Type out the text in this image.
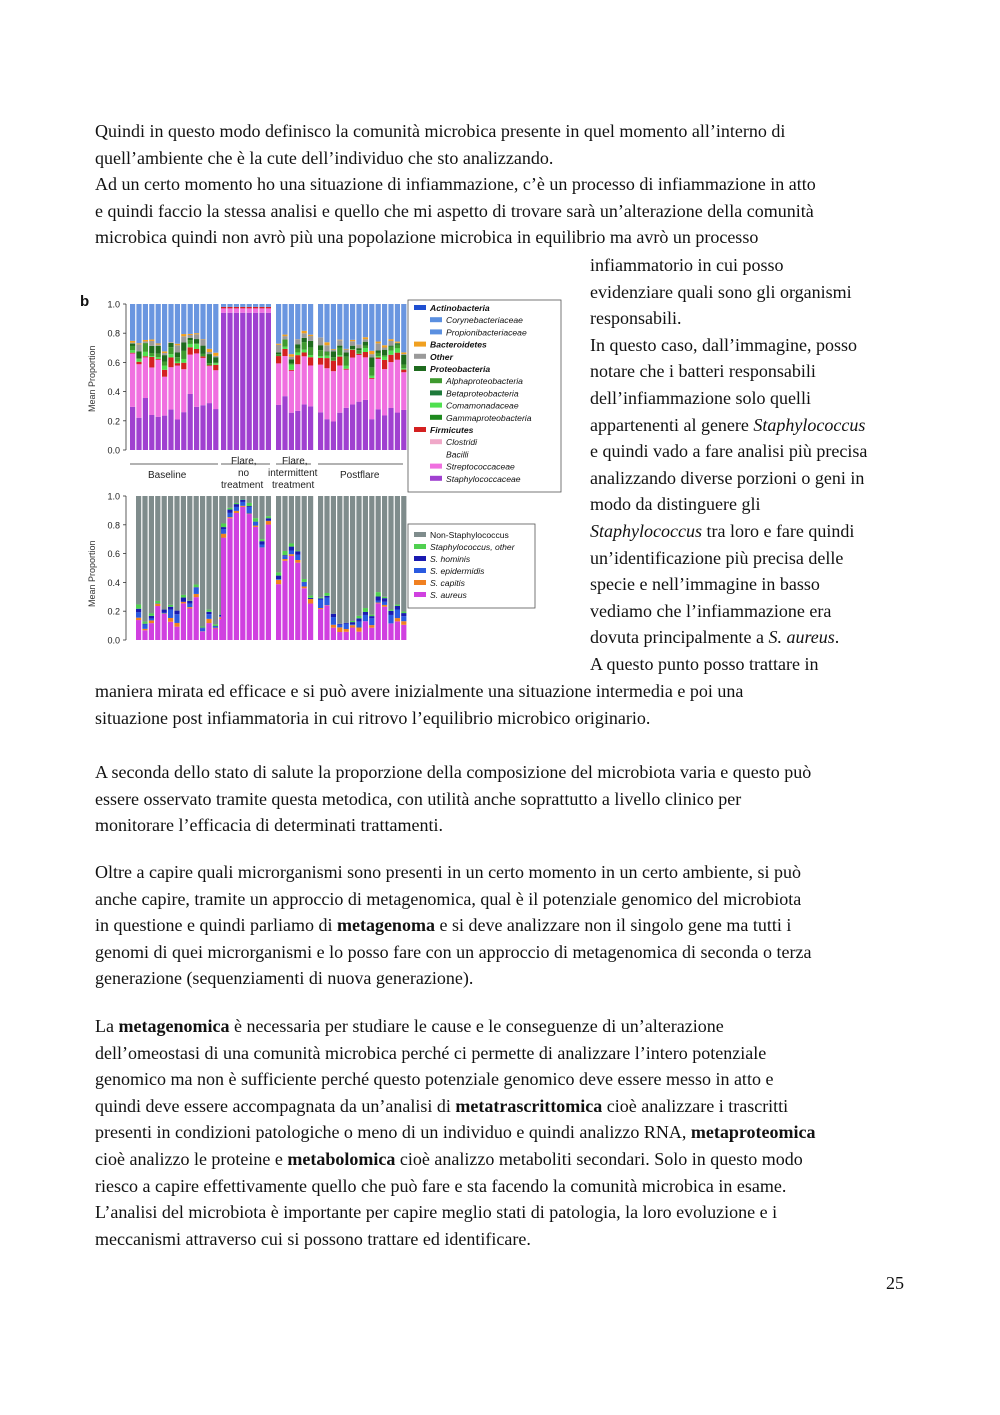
Quindi in questo modo definisco la comunità microbica presente in quel momento all’interno di
quell’ambiente che è la cute dell’individuo che sto analizzando.
Ad un certo momento ho una situazione di infiammazione, c’è un processo di infiammazione in atto
e quindi faccio la stessa analisi e quello che mi aspetto di trovare sarà un’alterazione della comunità
microbica quindi non avrò più una popolazione microbica in equilibrio ma avrò un processo

b
0.0
0.2
0.4
0.6
0.8
1.0
0.0
0.2
0.4
0.6
0.8
1.0
Mean Proportion
Mean Proportion
Baseline
Flare,
no
treatment
Flare,
intermittent
treatment
Postflare
Actinobacteria
Corynebacteriaceae
Propionibacteriaceae
Bacteroidetes
Other
Proteobacteria
Alphaproteobacteria
Betaproteobacteria
Comamonadaceae
Gammaproteobacteria
Firmicutes
Clostridi
Bacilli
Streptococcaceae
Staphylococcaceae
Non-Staphylococcus
Staphylococcus, other
S. hominis
S. epidermidis
S. capitis
S. aureus
infiammatorio in cui posso
evidenziare quali sono gli organismi
responsabili.
In questo caso, dall’immagine, posso
notare che i batteri responsabili
dell’infiammazione solo quelli
appartenenti al genere Staphylococcus
e quindi vado a fare analisi più precisa
analizzando diverse porzioni o geni in
modo da distinguere gli
Staphylococcus tra loro e fare quindi
un’identificazione più precisa delle
specie e nell’immagine in basso
vediamo che l’infiammazione era
dovuta principalmente a S. aureus.
A questo punto posso trattare in

maniera mirata ed efficace e si può avere inizialmente una situazione intermedia e poi una
situazione post infiammatoria in cui ritrovo l’equilibrio microbico originario.

A seconda dello stato di salute la proporzione della composizione del microbiota varia e questo può
essere osservato tramite questa metodica, con utilità anche soprattutto a livello clinico per
monitorare l’efficacia di determinati trattamenti.

Oltre a capire quali microrganismi sono presenti in un certo momento in un certo ambiente, si può
anche capire, tramite un approccio di metagenomica, qual è il potenziale genomico del microbiota
in questione e quindi parliamo di metagenoma e si deve analizzare non il singolo gene ma tutti i
genomi di quei microrganismi e lo posso fare con un approccio di metagenomica di seconda o terza
generazione (sequenziamenti di nuova generazione).

La metagenomica è necessaria per studiare le cause e le conseguenze di un’alterazione
dell’omeostasi di una comunità microbica perché ci permette di analizzare l’intero potenziale
genomico ma non è sufficiente perché questo potenziale genomico deve essere messo in atto e
quindi deve essere accompagnata da un’analisi di metatrascrittomica cioè analizzare i trascritti
presenti in condizioni patologiche o meno di un individuo e quindi analizzo RNA, metaproteomica
cioè analizzo le proteine e metabolomica cioè analizzo metaboliti secondari. Solo in questo modo
riesco a capire effettivamente quello che può fare e sta facendo la comunità microbica in esame.
L’analisi del microbiota è importante per capire meglio stati di patologia, la loro evoluzione e i
meccanismi attraverso cui si possono trattare ed identificare.

25
